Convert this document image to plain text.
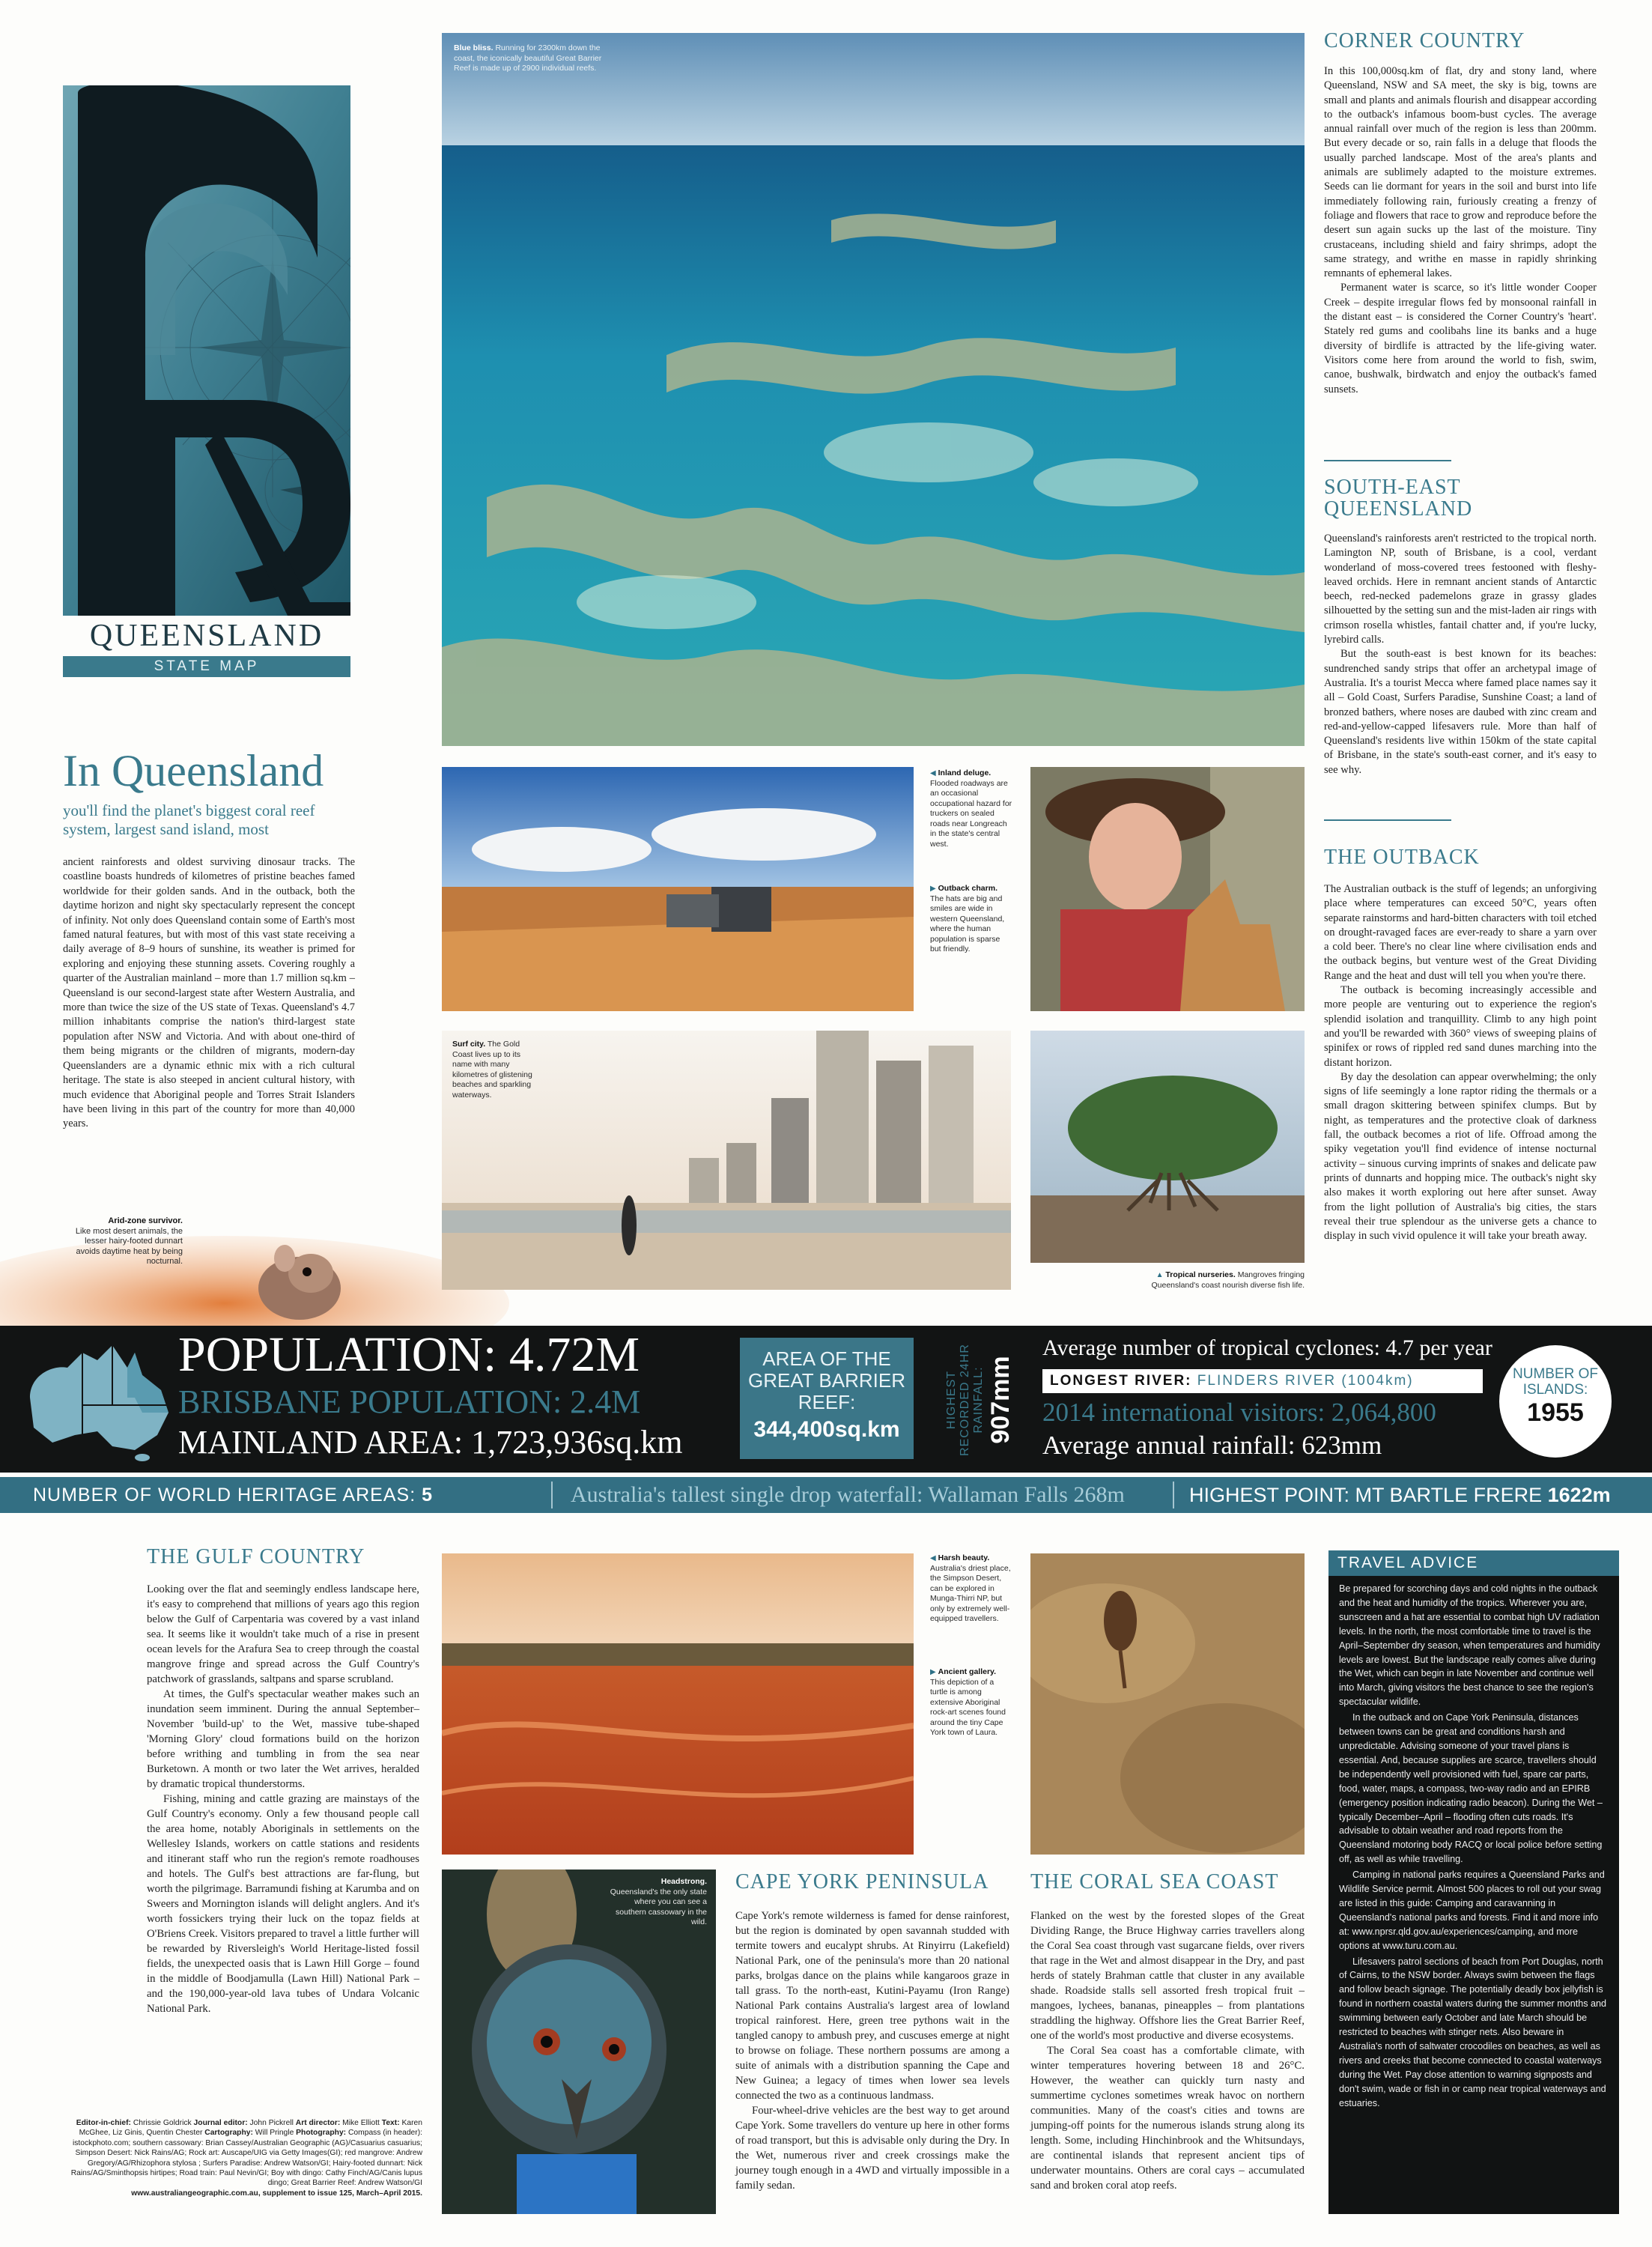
QUEENSLAND
STATE MAP
In Queensland
you'll find the planet's biggest coral reef system, largest sand island, most
ancient rainforests and oldest surviving dinosaur tracks. The coastline boasts hundreds of kilometres of pristine beaches famed worldwide for their golden sands. And in the outback, both the daytime horizon and night sky spectacularly represent the concept of infinity. Not only does Queensland contain some of Earth's most famed natural features, but with most of this vast state receiving a daily average of 8–9 hours of sunshine, its weather is primed for exploring and enjoying these stunning assets. Covering roughly a quarter of the Australian mainland – more than 1.7 million sq.km – Queensland is our second-largest state after Western Australia, and more than twice the size of the US state of Texas. Queensland's 4.7 million inhabitants comprise the nation's third-largest state population after NSW and Victoria. And with about one-third of them being migrants or the children of migrants, modern-day Queenslanders are a dynamic ethnic mix with a rich cultural heritage. The state is also steeped in ancient cultural history, with much evidence that Aboriginal people and Torres Strait Islanders have been living in this part of the country for more than 40,000 years.
Arid-zone survivor.
Like most desert animals, the lesser hairy-footed dunnart avoids daytime heat by being nocturnal.
Blue bliss. Running for 2300km down the coast, the iconically beautiful Great Barrier Reef is made up of 2900 individual reefs.
◀ Inland deluge.
Flooded roadways are an occasional occupational hazard for truckers on sealed roads near Longreach in the state's central west.
▶ Outback charm.
The hats are big and smiles are wide in western Queensland, where the human population is sparse but friendly.
Surf city. The Gold Coast lives up to its name with many kilometres of glistening beaches and sparkling waterways.
▲ Tropical nurseries. Mangroves fringing Queensland's coast nourish diverse fish life.
CORNER COUNTRY

In this 100,000sq.km of flat, dry and stony land, where Queensland, NSW and SA meet, the sky is big, towns are small and plants and animals flourish and disappear according to the outback's infamous boom-bust cycles. The average annual rainfall over much of the region is less than 200mm. But every decade or so, rain falls in a deluge that floods the usually parched landscape. Most of the area's plants and animals are sublimely adapted to the moisture extremes. Seeds can lie dormant for years in the soil and burst into life immediately following rain, furiously creating a frenzy of foliage and flowers that race to grow and reproduce before the desert sun again sucks up the last of the moisture. Tiny crustaceans, including shield and fairy shrimps, adopt the same strategy, and writhe en masse in rapidly shrinking remnants of ephemeral lakes.

Permanent water is scarce, so it's little wonder Cooper Creek – despite irregular flows fed by monsoonal rainfall in the distant east – is considered the Corner Country's 'heart'. Stately red gums and coolibahs line its banks and a huge diversity of birdlife is attracted by the life-giving water. Visitors come here from around the world to fish, swim, canoe, bushwalk, birdwatch and enjoy the outback's famed sunsets.

SOUTH-EAST QUEENSLAND

Queensland's rainforests aren't restricted to the tropical north. Lamington NP, south of Brisbane, is a cool, verdant wonderland of moss-covered trees festooned with fleshy-leaved orchids. Here in remnant ancient stands of Antarctic beech, red-necked pademelons graze in grassy glades silhouetted by the setting sun and the mist-laden air rings with crimson rosella whistles, fantail chatter and, if you're lucky, lyrebird calls.

But the south-east is best known for its beaches: sundrenched sandy strips that offer an archetypal image of Australia. It's a tourist Mecca where famed place names say it all – Gold Coast, Surfers Paradise, Sunshine Coast; a land of bronzed bathers, where noses are daubed with zinc cream and red-and-yellow-capped lifesavers rule. More than half of Queensland's residents live within 150km of the state capital of Brisbane, in the state's south-east corner, and it's easy to see why.

THE OUTBACK

The Australian outback is the stuff of legends; an unforgiving place where temperatures can exceed 50°C, years often separate rainstorms and hard-bitten characters with toil etched on drought-ravaged faces are ever-ready to share a yarn over a cold beer. There's no clear line where civilisation ends and the outback begins, but venture west of the Great Dividing Range and the heat and dust will tell you when you're there.

The outback is becoming increasingly accessible and more people are venturing out to experience the region's splendid isolation and tranquillity. Climb to any high point and you'll be rewarded with 360° views of sweeping plains of spinifex or rows of rippled red sand dunes marching into the distant horizon.

By day the desolation can appear overwhelming; the only signs of life seemingly a lone raptor riding the thermals or a small dragon skittering between spinifex clumps. But by night, as temperatures and the protective cloak of darkness fall, the outback becomes a riot of life. Offroad among the spiky vegetation you'll find evidence of intense nocturnal activity – sinuous curving imprints of snakes and delicate paw prints of dunnarts and hopping mice. The outback's night sky also makes it worth exploring out here after sunset. Away from the light pollution of Australia's big cities, the stars reveal their true splendour as the universe gets a chance to display in such vivid opulence it will take your breath away.

POPULATION: 4.72M
BRISBANE POPULATION: 2.4M
MAINLAND AREA: 1,723,936sq.km
AREA OF THE GREAT BARRIER REEF:
344,400sq.km
HIGHEST RECORDED 24HR RAINFALL: 907mm
Average number of tropical cyclones: 4.7 per year
LONGEST RIVER: FLINDERS RIVER (1004km)
2014 international visitors: 2,064,800
Average annual rainfall: 623mm
NUMBER OF ISLANDS:
1955
NUMBER OF WORLD HERITAGE AREAS: 5	Australia's tallest single drop waterfall: Wallaman Falls 268m	HIGHEST POINT: MT BARTLE FRERE 1622m
THE GULF COUNTRY

Looking over the flat and seemingly endless landscape here, it's easy to comprehend that millions of years ago this region below the Gulf of Carpentaria was covered by a vast inland sea. It seems like it wouldn't take much of a rise in present ocean levels for the Arafura Sea to creep through the coastal mangrove fringe and spread across the Gulf Country's patchwork of grasslands, saltpans and sparse scrubland.

At times, the Gulf's spectacular weather makes such an inundation seem imminent. During the annual September–November 'build-up' to the Wet, massive tube-shaped 'Morning Glory' cloud formations build on the horizon before writhing and tumbling in from the sea near Burketown. A month or two later the Wet arrives, heralded by dramatic tropical thunderstorms.

Fishing, mining and cattle grazing are mainstays of the Gulf Country's economy. Only a few thousand people call the area home, notably Aboriginals in settlements on the Wellesley Islands, workers on cattle stations and residents and itinerant staff who run the region's remote roadhouses and hotels. The Gulf's best attractions are far-flung, but worth the pilgrimage. Barramundi fishing at Karumba and on Sweers and Mornington islands will delight anglers. And it's worth fossickers trying their luck on the topaz fields at O'Briens Creek. Visitors prepared to travel a little further will be rewarded by Riversleigh's World Heritage-listed fossil fields, the unexpected oasis that is Lawn Hill Gorge – found in the middle of Boodjamulla (Lawn Hill) National Park – and the 190,000-year-old lava tubes of Undara Volcanic National Park.

Editor-in-chief: Chrissie Goldrick Journal editor: John Pickrell Art director: Mike Elliott Text: Karen McGhee, Liz Ginis, Quentin Chester Cartography: Will Pringle Photography: Compass (in header): istockphoto.com; southern cassowary: Brian Cassey/Australian Geographic (AG)/Casuarius casuarius; Simpson Desert: Nick Rains/AG; Rock art: Auscape/UIG via Getty Images(GI); red mangrove: Andrew Gregory/AG/Rhizophora stylosa ; Surfers Paradise: Andrew Watson/GI; Hairy-footed dunnart: Nick Rains/AG/Sminthopsis hirtipes; Road train: Paul Nevin/GI; Boy with dingo: Cathy Finch/AG/Canis lupus dingo; Great Barrier Reef: Andrew Watson/GI
www.australiangeographic.com.au, supplement to issue 125, March–April 2015.
◀ Harsh beauty.
Australia's driest place, the Simpson Desert, can be explored in Munga-Thirri NP, but only by extremely well-equipped travellers.
▶ Ancient gallery.
This depiction of a turtle is among extensive Aboriginal rock-art scenes found around the tiny Cape York town of Laura.
Headstrong.
Queensland's the only state where you can see a southern cassowary in the wild.
CAPE YORK PENINSULA

Cape York's remote wilderness is famed for dense rainforest, but the region is dominated by open savannah studded with termite towers and eucalypt shrubs. At Rinyirru (Lakefield) National Park, one of the peninsula's more than 20 national parks, brolgas dance on the plains while kangaroos graze in tall grass. To the north-east, Kutini-Payamu (Iron Range) National Park contains Australia's largest area of lowland tropical rainforest. Here, green tree pythons wait in the tangled canopy to ambush prey, and cuscuses emerge at night to browse on foliage. These northern possums are among a suite of animals with a distribution spanning the Cape and New Guinea; a legacy of times when lower sea levels connected the two as a continuous landmass.

Four-wheel-drive vehicles are the best way to get around Cape York. Some travellers do venture up here in other forms of road transport, but this is advisable only during the Dry. In the Wet, numerous river and creek crossings make the journey tough enough in a 4WD and virtually impossible in a family sedan.

THE CORAL SEA COAST

Flanked on the west by the forested slopes of the Great Dividing Range, the Bruce Highway carries travellers along the Coral Sea coast through vast sugarcane fields, over rivers that rage in the Wet and almost disappear in the Dry, and past herds of stately Brahman cattle that cluster in any available shade. Roadside stalls sell assorted fresh tropical fruit – mangoes, lychees, bananas, pineapples – from plantations straddling the highway. Offshore lies the Great Barrier Reef, one of the world's most productive and diverse ecosystems.

The Coral Sea coast has a comfortable climate, with winter temperatures hovering between 18 and 26°C. However, the weather can quickly turn nasty and summertime cyclones sometimes wreak havoc on northern communities. Many of the coast's cities and towns are jumping-off points for the numerous islands strung along its length. Some, including Hinchinbrook and the Whitsundays, are continental islands that represent ancient tips of underwater mountains. Others are coral cays – accumulated sand and broken coral atop reefs.

TRAVEL ADVICE

Be prepared for scorching days and cold nights in the outback and the heat and humidity of the tropics. Wherever you are, sunscreen and a hat are essential to combat high UV radiation levels. In the north, the most comfortable time to travel is the April–September dry season, when temperatures and humidity levels are lowest. But the landscape really comes alive during the Wet, which can begin in late November and continue well into March, giving visitors the best chance to see the region's spectacular wildlife.

In the outback and on Cape York Peninsula, distances between towns can be great and conditions harsh and unpredictable. Advising someone of your travel plans is essential. And, because supplies are scarce, travellers should be independently well provisioned with fuel, spare car parts, food, water, maps, a compass, two-way radio and an EPIRB (emergency position indicating radio beacon). During the Wet – typically December–April – flooding often cuts roads. It's advisable to obtain weather and road reports from the Queensland motoring body RACQ or local police before setting off, as well as while travelling.

Camping in national parks requires a Queensland Parks and Wildlife Service permit. Almost 500 places to roll out your swag are listed in this guide: Camping and caravanning in Queensland's national parks and forests. Find it and more info at: www.nprsr.qld.gov.au/experiences/camping, and more options at www.turu.com.au.

Lifesavers patrol sections of beach from Port Douglas, north of Cairns, to the NSW border. Always swim between the flags and follow beach signage. The potentially deadly box jellyfish is found in northern coastal waters during the summer months and swimming between early October and late March should be restricted to beaches with stinger nets. Also beware in Australia's north of saltwater crocodiles on beaches, as well as rivers and creeks that become connected to coastal waterways during the Wet. Pay close attention to warning signposts and don't swim, wade or fish in or camp near tropical waterways and estuaries.
